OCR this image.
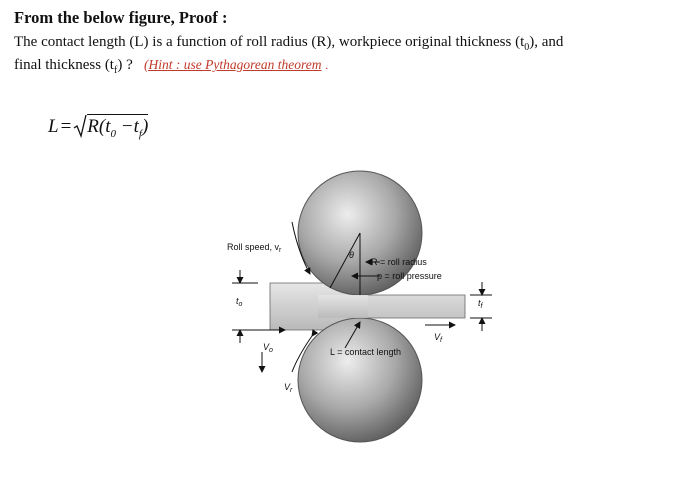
From the below figure, Proof :
The contact length (L) is a function of roll radius (R), workpiece original thickness $(t_0)$, and
final thickness $(t_f)$ ? (Hint : use Pythagorean theorem .
$L = R(t_0 -t_f)$
Roll speed, $v_r$	θ
R = roll radius
p = roll pressure
$t_o$	$t_f$
$V_o$
$V_f$
$V_r$
L = contact length
